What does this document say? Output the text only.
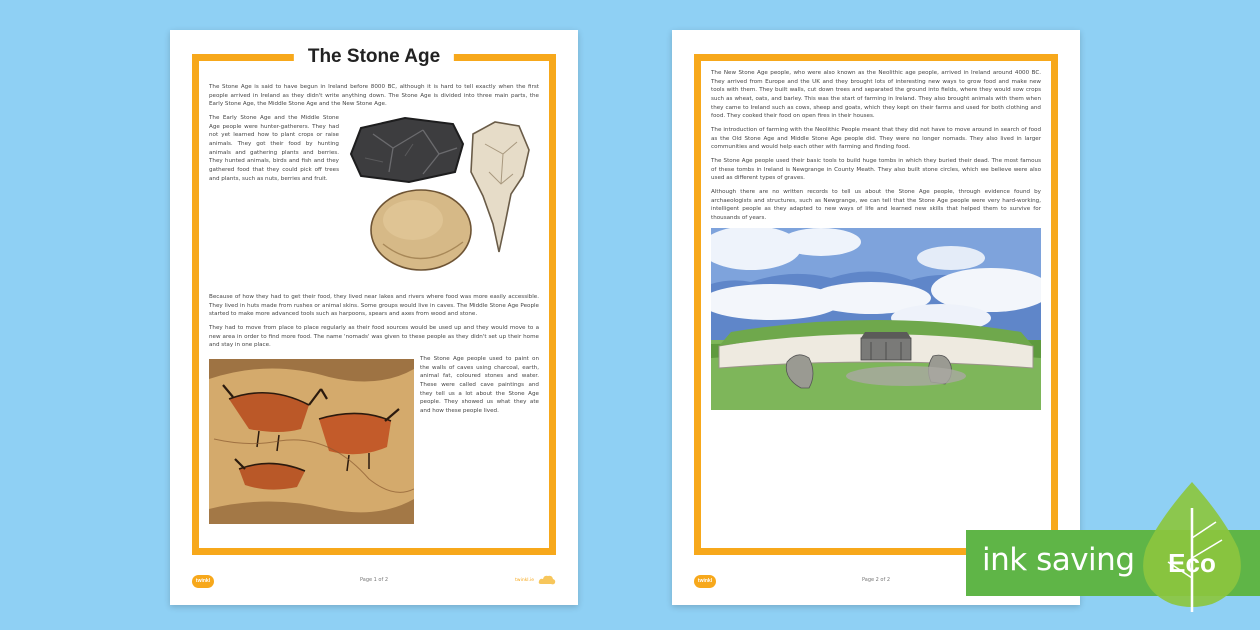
The Stone Age

The Stone Age is said to have begun in Ireland before 8000 BC, although it is hard to tell exactly when the first people arrived in Ireland as they didn't write anything down. The Stone Age is divided into three main parts, the Early Stone Age, the Middle Stone Age and the New Stone Age.

The Early Stone Age and the Middle Stone Age people were hunter-gatherers. They had not yet learned how to plant crops or raise animals. They got their food by hunting animals and gathering plants and berries. They hunted animals, birds and fish and they gathered food that they could pick off trees and plants, such as nuts, berries and fruit.

Because of how they had to get their food, they lived near lakes and rivers where food was more easily accessible. They lived in huts made from rushes or animal skins. Some groups would live in caves. The Middle Stone Age People started to make more advanced tools such as harpoons, spears and axes from wood and stone.

They had to move from place to place regularly as their food sources would be used up and they would move to a new area in order to find more food. The name 'nomads' was given to these people as they didn't set up their home and stay in one place.

The Stone Age people used to paint on the walls of caves using charcoal, earth, animal fat, coloured stones and water. These were called cave paintings and they tell us a lot about the Stone Age people. They showed us what they ate and how these people lived.

twinkl	Page 1 of 2	twinkl.ie

The New Stone Age people, who were also known as the Neolithic age people, arrived in Ireland around 4000 BC. They arrived from Europe and the UK and they brought lots of interesting new ways to grow food and make new tools with them. They built walls, cut down trees and separated the ground into fields, where they would sow crops such as wheat, oats, and barley. This was the start of farming in Ireland. They also brought animals with them when they came to Ireland such as cows, sheep and goats, which they kept on their farms and used for both clothing and food. They cooked their food on open fires in their houses.

The introduction of farming with the Neolithic People meant that they did not have to move around in search of food as the Old Stone Age and Middle Stone Age people did. They were no longer nomads. They also lived in larger communities and would help each other with farming and finding food.

The Stone Age people used their basic tools to build huge tombs in which they buried their dead. The most famous of these tombs in Ireland is Newgrange in County Meath. They also built stone circles, which we believe were also used as different types of graves.

Although there are no written records to tell us about the Stone Age people, through evidence found by archaeologists and structures, such as Newgrange, we can tell that the Stone Age people were very hard-working, intelligent people as they adapted to new ways of life and learned new skills that helped them to survive for thousands of years.

twinkl	Page 2 of 2
ink saving Eco
